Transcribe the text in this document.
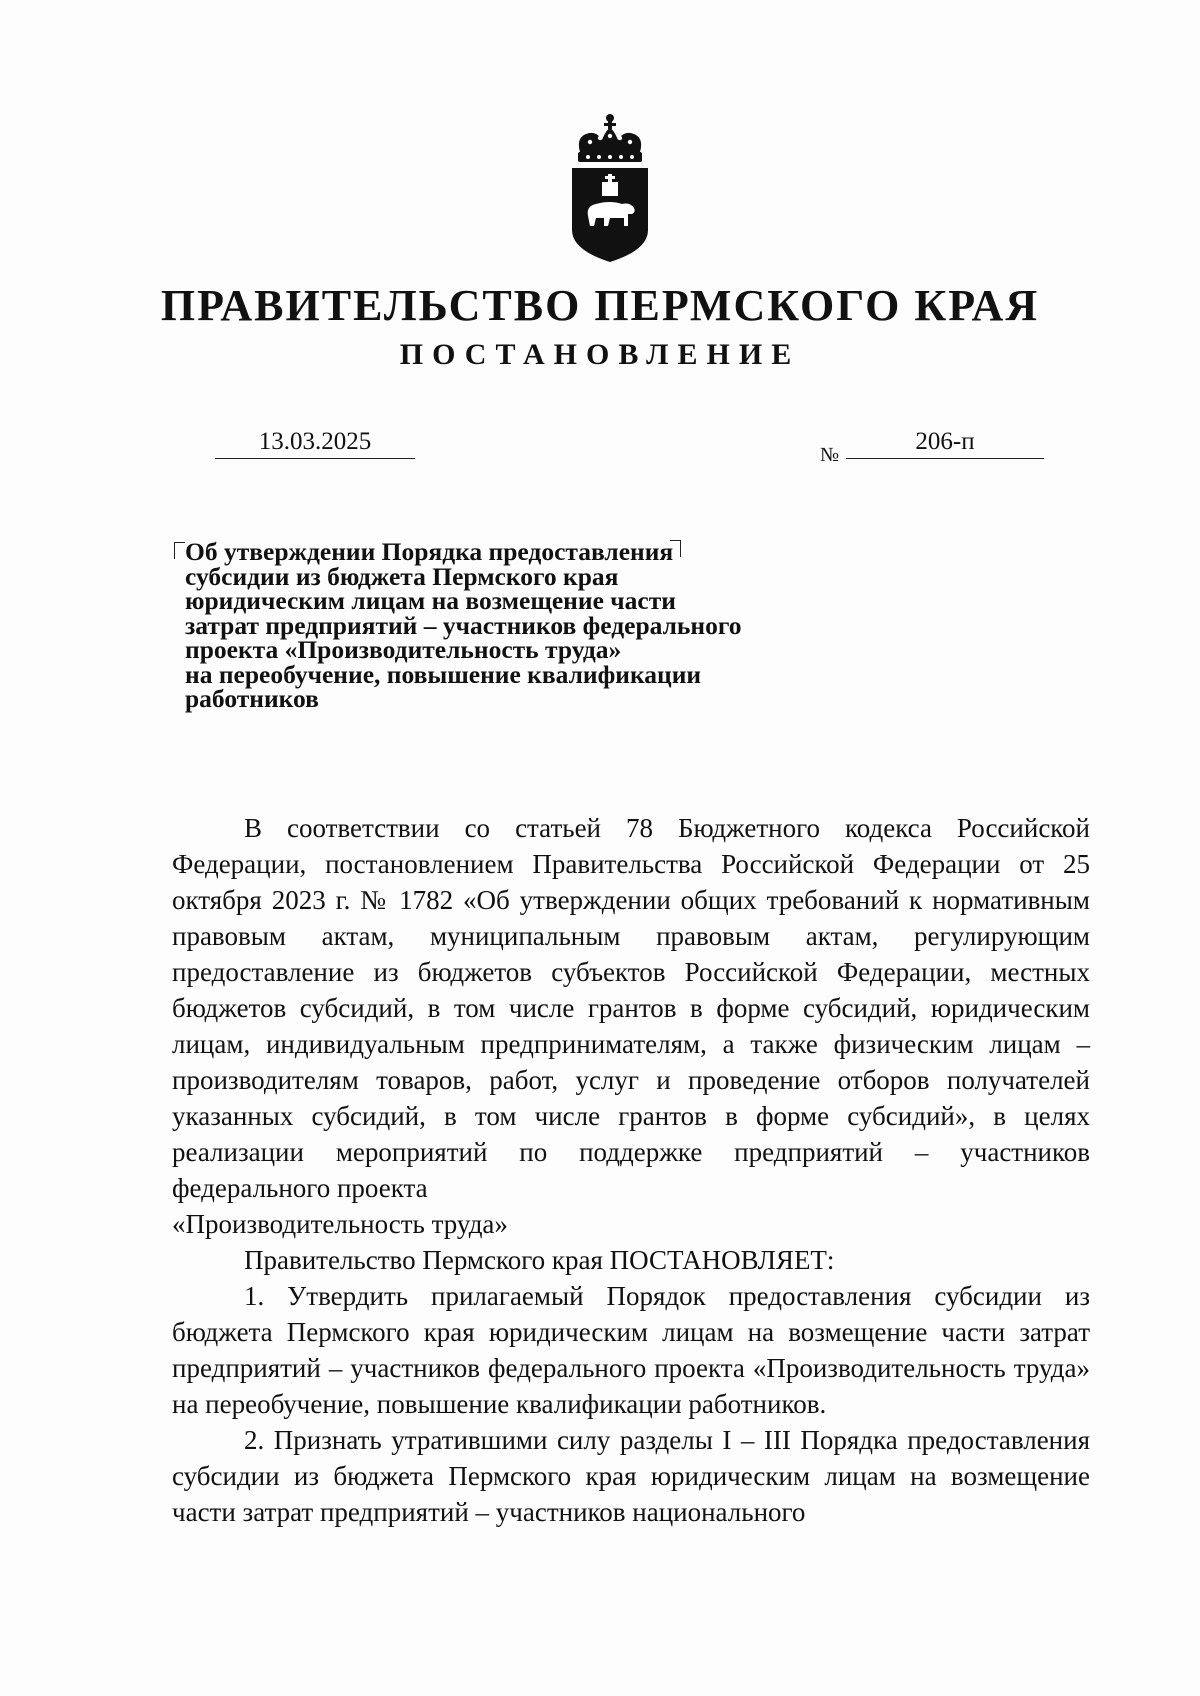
ПРАВИТЕЛЬСТВО ПЕРМСКОГО КРАЯ
ПОСТАНОВЛЕНИЕ
13.03.2025	№	206-п
Об утверждении Порядка предоставления
субсидии из бюджета Пермского края
юридическим лицам на возмещение части
затрат предприятий – участников федерального
проекта «Производительность труда»
на переобучение, повышение квалификации
работников

В соответствии со статьей 78 Бюджетного кодекса Российской Федерации, постановлением Правительства Российской Федерации от 25 октября 2023 г. № 1782 «Об утверждении общих требований к нормативным правовым актам, муниципальным правовым актам, регулирующим предоставление из бюджетов субъектов Российской Федерации, местных бюджетов субсидий, в том числе грантов в форме субсидий, юридическим лицам, индивидуальным предпринимателям, а также физическим лицам – производителям товаров, работ, услуг и проведение отборов получателей указанных субсидий, в том числе грантов в форме субсидий», в целях реализации мероприятий по поддержке предприятий – участников федерального проекта

«Производительность труда»

Правительство Пермского края ПОСТАНОВЛЯЕТ:

1. Утвердить прилагаемый Порядок предоставления субсидии из бюджета Пермского края юридическим лицам на возмещение части затрат предприятий – участников федерального проекта «Производительность труда» на переобучение, повышение квалификации работников.

2. Признать утратившими силу разделы I – III Порядка предоставления субсидии из бюджета Пермского края юридическим лицам на возмещение части затрат предприятий – участников национального
